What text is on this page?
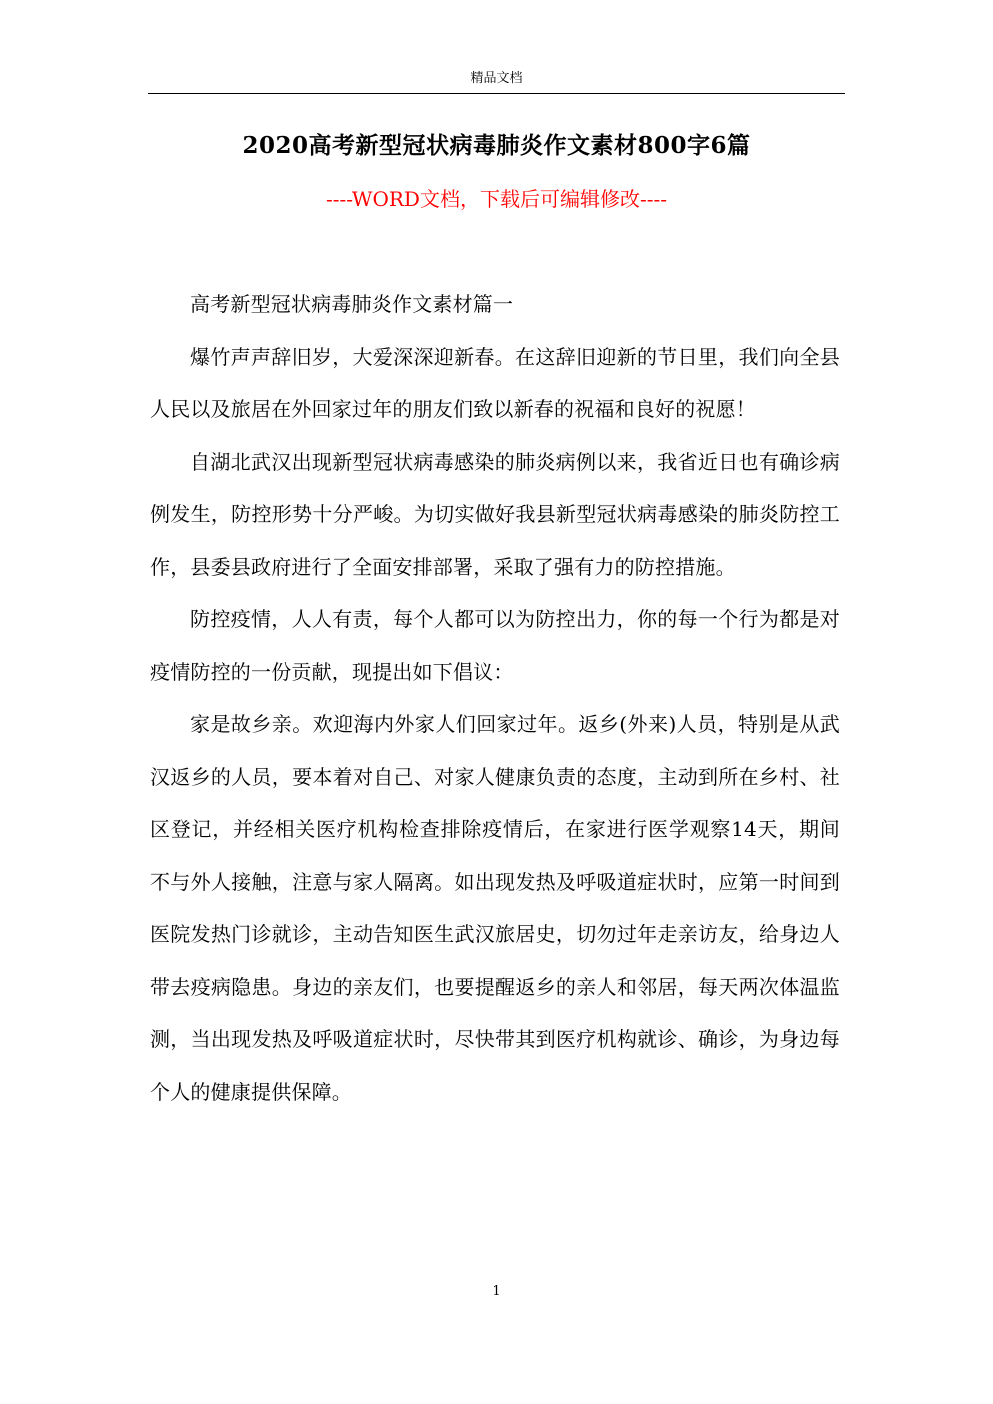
精品文档
2020高考新型冠状病毒肺炎作文素材800字6篇
----WORD文档，下载后可编辑修改----

高考新型冠状病毒肺炎作文素材篇一

爆竹声声辞旧岁，大爱深深迎新春。在这辞旧迎新的节日里，我们向全县人民以及旅居在外回家过年的朋友们致以新春的祝福和良好的祝愿！

自湖北武汉出现新型冠状病毒感染的肺炎病例以来，我省近日也有确诊病例发生，防控形势十分严峻。为切实做好我县新型冠状病毒感染的肺炎防控工作，县委县政府进行了全面安排部署，采取了强有力的防控措施。

防控疫情，人人有责，每个人都可以为防控出力，你的每一个行为都是对疫情防控的一份贡献，现提出如下倡议：

家是故乡亲。欢迎海内外家人们回家过年。返乡(外来)人员，特别是从武汉返乡的人员，要本着对自己、对家人健康负责的态度，主动到所在乡村、社区登记，并经相关医疗机构检查排除疫情后，在家进行医学观察14天，期间不与外人接触，注意与家人隔离。如出现发热及呼吸道症状时，应第一时间到医院发热门诊就诊，主动告知医生武汉旅居史，切勿过年走亲访友，给身边人带去疫病隐患。身边的亲友们，也要提醒返乡的亲人和邻居，每天两次体温监测，当出现发热及呼吸道症状时，尽快带其到医疗机构就诊、确诊，为身边每个人的健康提供保障。

1
